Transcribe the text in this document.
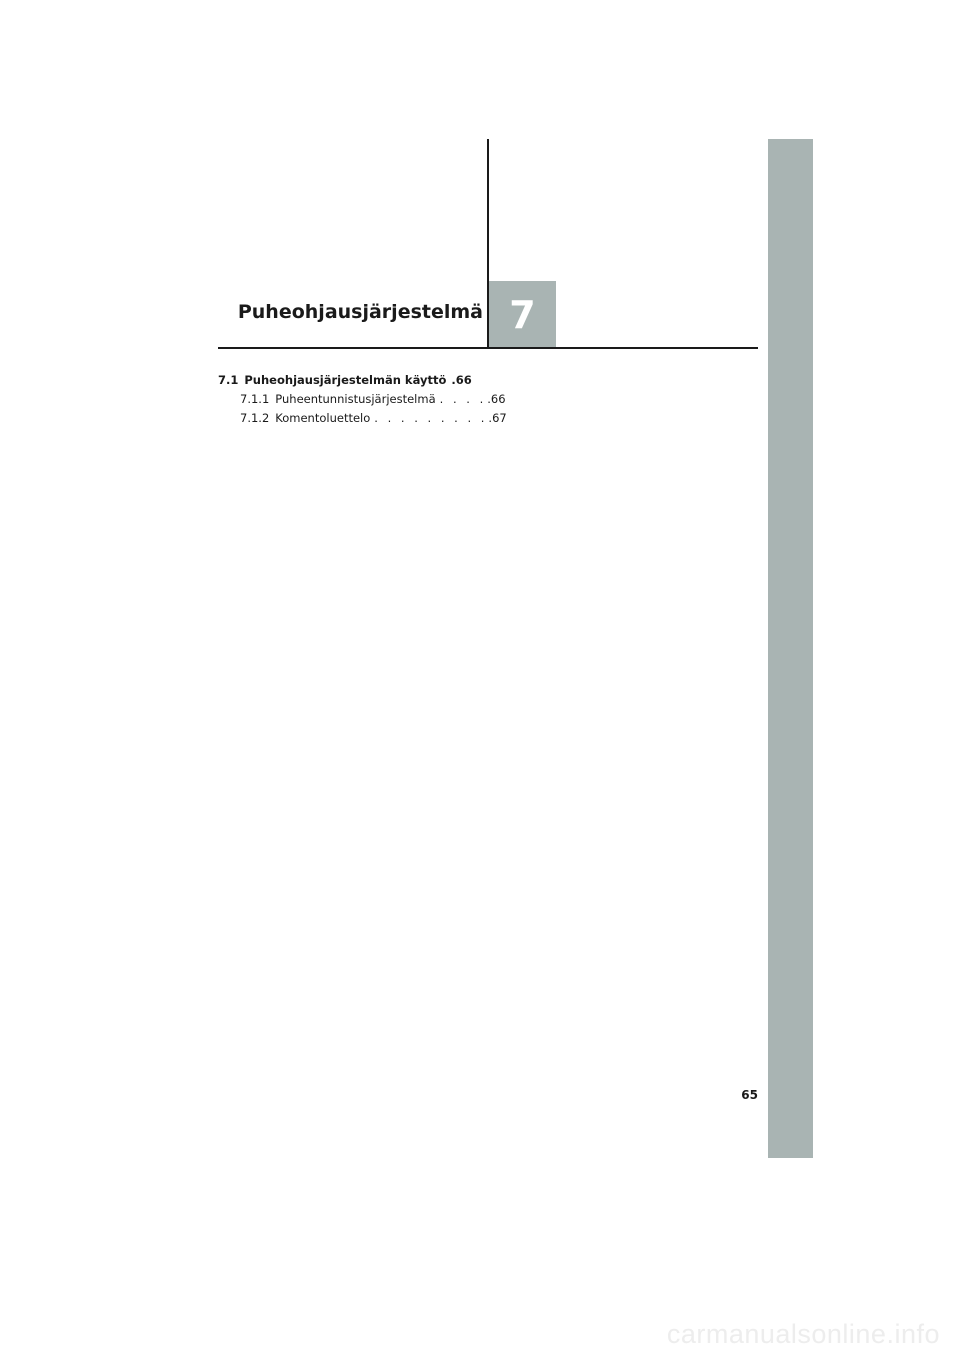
7
Puheohjausjärjestelmä
7.1 Puheohjausjärjestelmän käyttö .66
7.1.1 Puheentunnistusjärjestelmä . . . . .66
7.1.2 Komentoluettelo . . . . . . . . . .67
65
carmanualsonline.info
